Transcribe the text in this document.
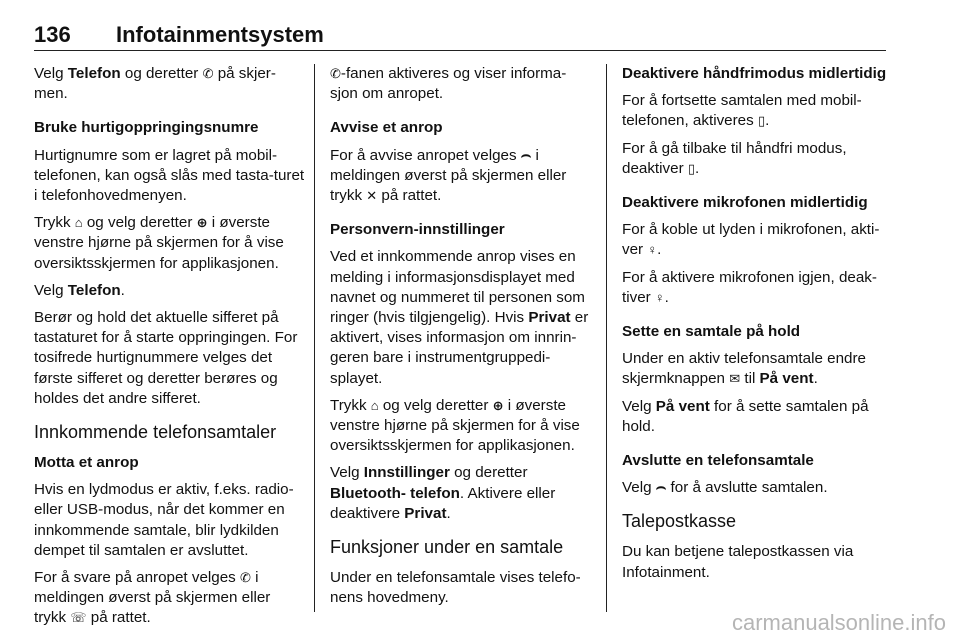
136 Infotainmentsystem

Velg Telefon og deretter ✆ på skjer-men.

Bruke hurtigoppringingsnumre

Hurtignumre som er lagret på mobil-telefonen, kan også slås med tasta-turet i telefonhovedmenyen.

Trykk ⌂ og velg deretter ⊕ i øverste venstre hjørne på skjermen for å vise oversiktsskjermen for applikasjonen.

Velg Telefon.

Berør og hold det aktuelle sifferet på tastaturet for å starte oppringingen. For tosifrede hurtignummere velges det første sifferet og deretter berøres og holdes det andre sifferet.

Innkommende telefonsamtaler

Motta et anrop

Hvis en lydmodus er aktiv, f.eks. radio- eller USB-modus, når det kommer en innkommende samtale, blir lydkilden dempet til samtalen er avsluttet.

For å svare på anropet velges ✆ i meldingen øverst på skjermen eller trykk ☏ på rattet.

✆-fanen aktiveres og viser informa-sjon om anropet.

Avvise et anrop

For å avvise anropet velges ⌢ i meldingen øverst på skjermen eller trykk ✕ på rattet.

Personvern-innstillinger

Ved et innkommende anrop vises en melding i informasjonsdisplayet med navnet og nummeret til personen som ringer (hvis tilgjengelig). Hvis Privat er aktivert, vises informasjon om innrin-geren bare i instrumentgruppedi-splayet.

Trykk ⌂ og velg deretter ⊕ i øverste venstre hjørne på skjermen for å vise oversiktsskjermen for applikasjonen.

Velg Innstillinger og deretter
Bluetooth- telefon. Aktivere eller deaktivere Privat.

Funksjoner under en samtale

Under en telefonsamtale vises telefo-nens hovedmeny.

Deaktivere håndfrimodus midlertidig

For å fortsette samtalen med mobil-telefonen, aktiveres ▯.

For å gå tilbake til håndfri modus, deaktiver ▯.

Deaktivere mikrofonen midlertidig

For å koble ut lyden i mikrofonen, akti-ver ♀.

For å aktivere mikrofonen igjen, deak-tiver ♀.

Sette en samtale på hold

Under en aktiv telefonsamtale endre skjermknappen ✉ til På vent.

Velg På vent for å sette samtalen på hold.

Avslutte en telefonsamtale

Velg ⌢ for å avslutte samtalen.

Talepostkasse

Du kan betjene talepostkassen via Infotainment.

carmanualsonline.info
